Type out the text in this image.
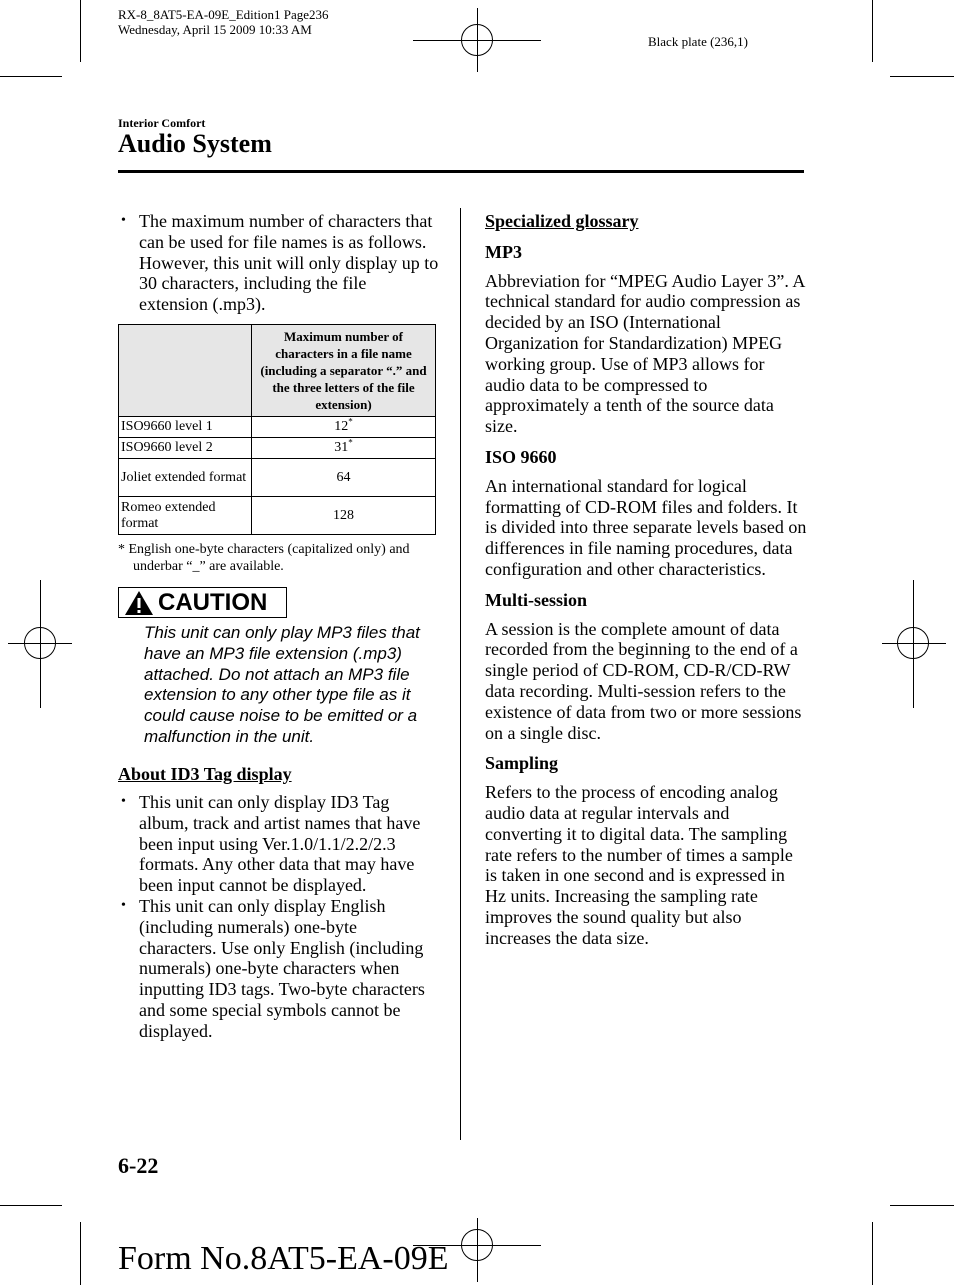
RX-8_8AT5-EA-09E_Edition1 Page236
Wednesday, April 15 2009 10:33 AM
Black plate (236,1)
Interior Comfort
Audio System
• The maximum number of characters that can be used for file names is as follows. However, this unit will only display up to 30 characters, including the file extension (.mp3).
	Maximum number of characters in a file name (including a separator “.” and the three letters of the file extension)
ISO9660 level 1	12*
ISO9660 level 2	31*
Joliet extended format	64
Romeo extended format	128
* English one-byte characters (capitalized only) and underbar “_” are available.
CAUTION
This unit can only play MP3 files that have an MP3 file extension (.mp3) attached. Do not attach an MP3 file extension to any other type file as it could cause noise to be emitted or a malfunction in the unit.
About ID3 Tag display
• This unit can only display ID3 Tag album, track and artist names that have been input using Ver.1.0/1.1/2.2/2.3 formats. Any other data that may have been input cannot be displayed.
• This unit can only display English (including numerals) one-byte characters. Use only English (including numerals) one-byte characters when inputting ID3 tags. Two-byte characters and some special symbols cannot be displayed.
Specialized glossary
MP3
Abbreviation for “MPEG Audio Layer 3”. A technical standard for audio compression as decided by an ISO (International Organization for Standardization) MPEG working group. Use of MP3 allows for audio data to be compressed to approximately a tenth of the source data size.
ISO 9660
An international standard for logical formatting of CD-ROM files and folders. It is divided into three separate levels based on differences in file naming procedures, data configuration and other characteristics.
Multi-session
A session is the complete amount of data recorded from the beginning to the end of a single period of CD-ROM, CD-R/CD-RW data recording. Multi-session refers to the existence of data from two or more sessions on a single disc.
Sampling
Refers to the process of encoding analog audio data at regular intervals and converting it to digital data. The sampling rate refers to the number of times a sample is taken in one second and is expressed in Hz units. Increasing the sampling rate improves the sound quality but also increases the data size.
6-22
Form No.8AT5-EA-09E
